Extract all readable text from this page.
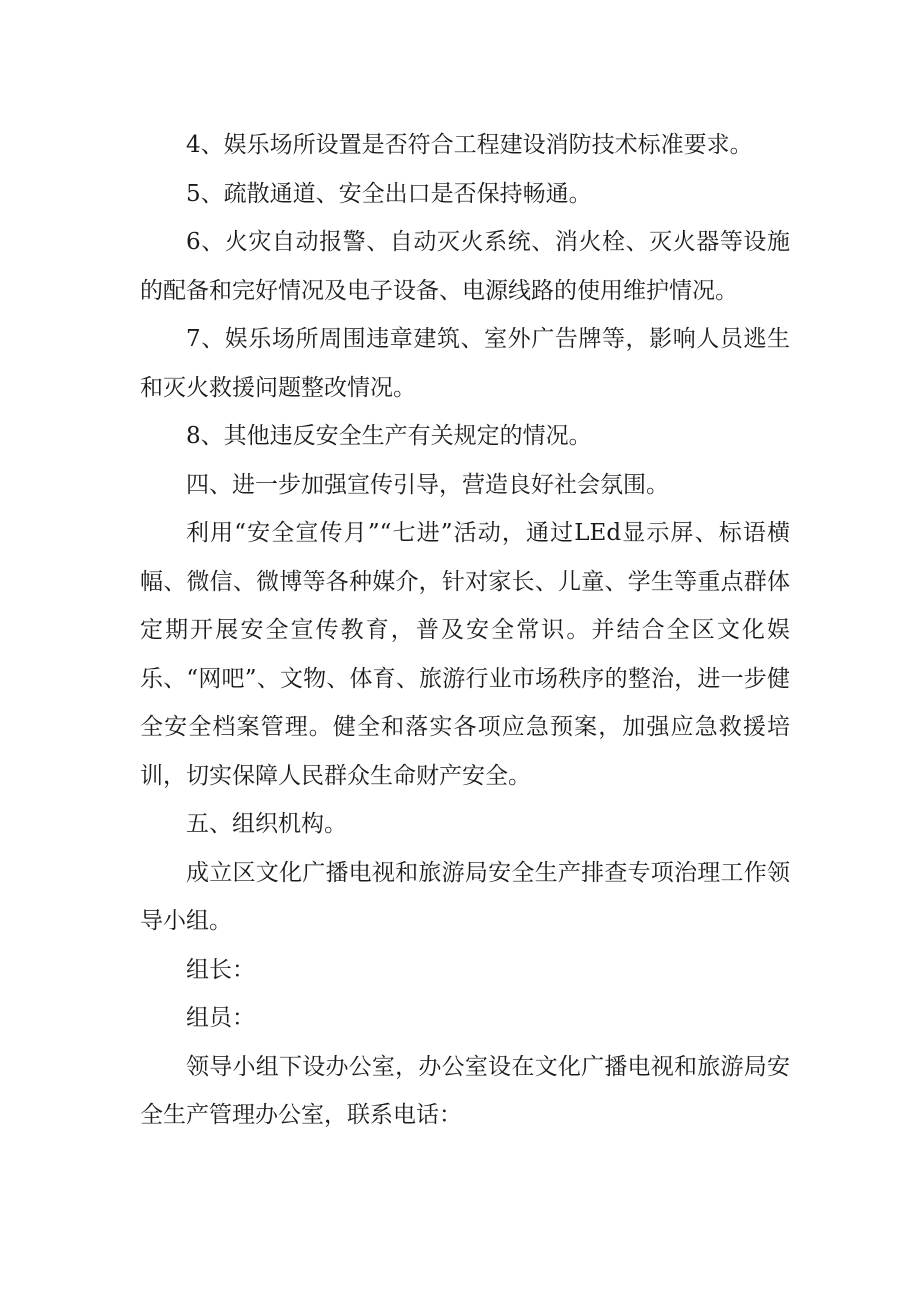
4、娱乐场所设置是否符合工程建设消防技术标准要求。

5、疏散通道、安全出口是否保持畅通。

6、火灾自动报警、自动灭火系统、消火栓、灭火器等设施的配备和完好情况及电子设备、电源线路的使用维护情况。

7、娱乐场所周围违章建筑、室外广告牌等，影响人员逃生和灭火救援问题整改情况。

8、其他违反安全生产有关规定的情况。

四、进一步加强宣传引导，营造良好社会氛围。

利用“安全宣传月”“七进”活动，通过LEd显示屏、标语横幅、微信、微博等各种媒介，针对家长、儿童、学生等重点群体定期开展安全宣传教育，普及安全常识。并结合全区文化娱乐、“网吧”、文物、体育、旅游行业市场秩序的整治，进一步健全安全档案管理。健全和落实各项应急预案，加强应急救援培训，切实保障人民群众生命财产安全。

五、组织机构。

成立区文化广播电视和旅游局安全生产排查专项治理工作领导小组。

组长：

组员：

领导小组下设办公室，办公室设在文化广播电视和旅游局安全生产管理办公室，联系电话：
